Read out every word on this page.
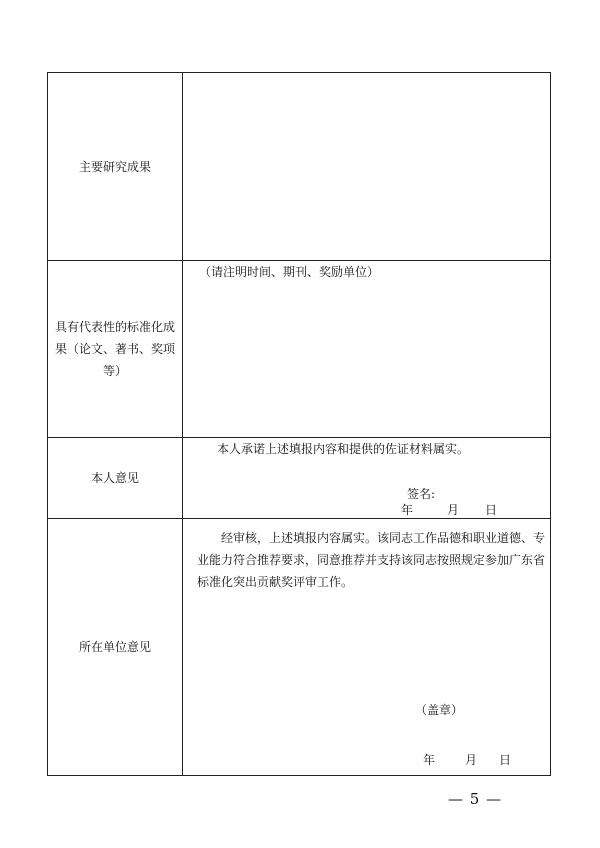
主要研究成果	
具有代表性的标准化成
果（论文、著书、奖项
等）	（请注明时间、期刊、奖励单位）

本人意见	本人承诺上述填报内容和提供的佐证材料属实。
签名:
年 月 日

所在单位意见	经审核，上述填报内容属实。该同志工作品德和职业道德、专业能力符合推荐要求，同意推荐并支持该同志按照规定参加广东省标准化突出贡献奖评审工作。
（盖章）
年 月 日
— 5 —
